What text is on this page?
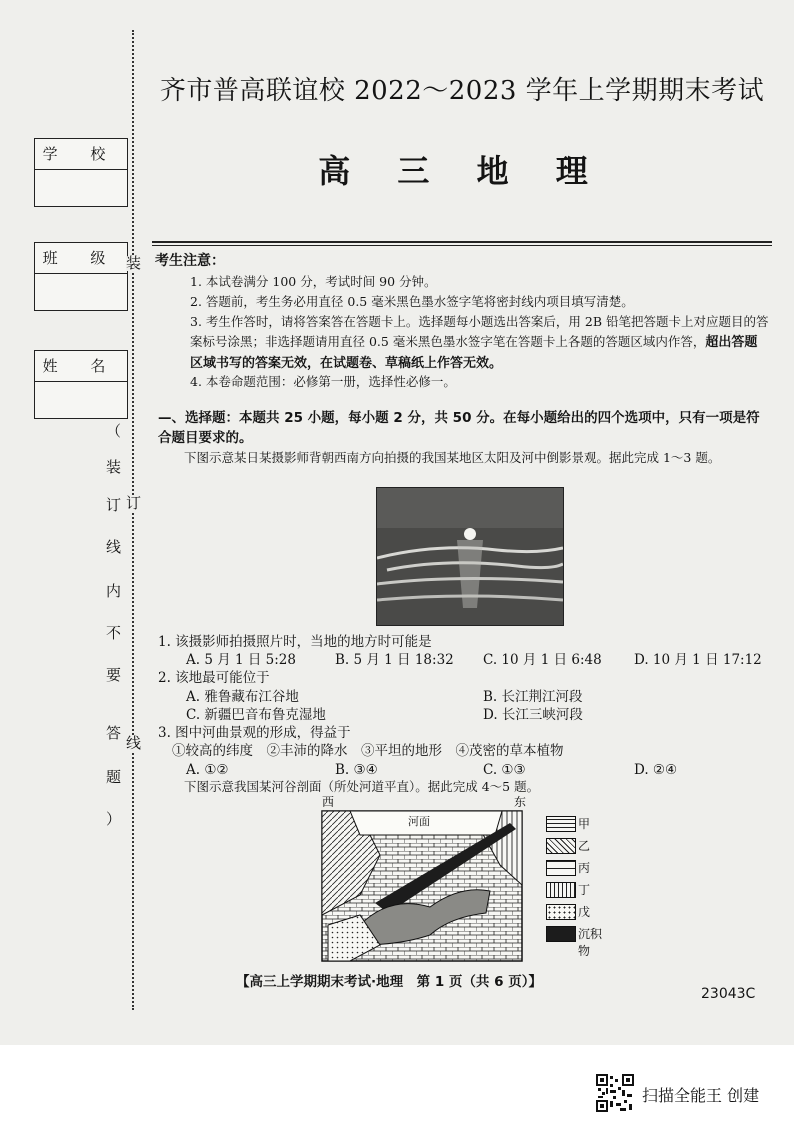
学 校
班 级
姓 名
装
订
线
（
装
订
线
内
不
要
答
题
）
齐市普高联谊校 2022～2023 学年上学期期末考试
高 三 地 理
考生注意：
1. 本试卷满分 100 分，考试时间 90 分钟。
2. 答题前，考生务必用直径 0.5 毫米黑色墨水签字笔将密封线内项目填写清楚。
3. 考生作答时，请将答案答在答题卡上。选择题每小题选出答案后，用 2B 铅笔把答题卡上对应题目的答案标号涂黑；非选择题请用直径 0.5 毫米黑色墨水签字笔在答题卡上各题的答题区域内作答，超出答题区域书写的答案无效，在试题卷、草稿纸上作答无效。
4. 本卷命题范围：必修第一册，选择性必修一。
—、选择题：本题共 25 小题，每小题 2 分，共 50 分。在每小题给出的四个选项中，只有一项是符合题目要求的。
下图示意某日某摄影师背朝西南方向拍摄的我国某地区太阳及河中倒影景观。据此完成 1～3 题。
1. 该摄影师拍摄照片时，当地的地方时可能是
A. 5 月 1 日 5:28	B. 5 月 1 日 18:32 C. 10 月 1 日 6:48 D. 10 月 1 日 17:12
2. 该地最可能位于
A. 雅鲁藏布江谷地	B. 长江荆江河段
C. 新疆巴音布鲁克湿地	D. 长江三峡河段
3. 图中河曲景观的形成，得益于
①较高的纬度　②丰沛的降水　③平坦的地形　④茂密的草本植物
A. ①②	B. ③④	C. ①③	D. ②④
下图示意我国某河谷剖面（所处河道平直）。据此完成 4～5 题。
西	东
河面	甲
乙
丙
丁
戊
沉积物
【高三上学期期末考试·地理　第 1 页（共 6 页）】
23043C
扫描全能王 创建
